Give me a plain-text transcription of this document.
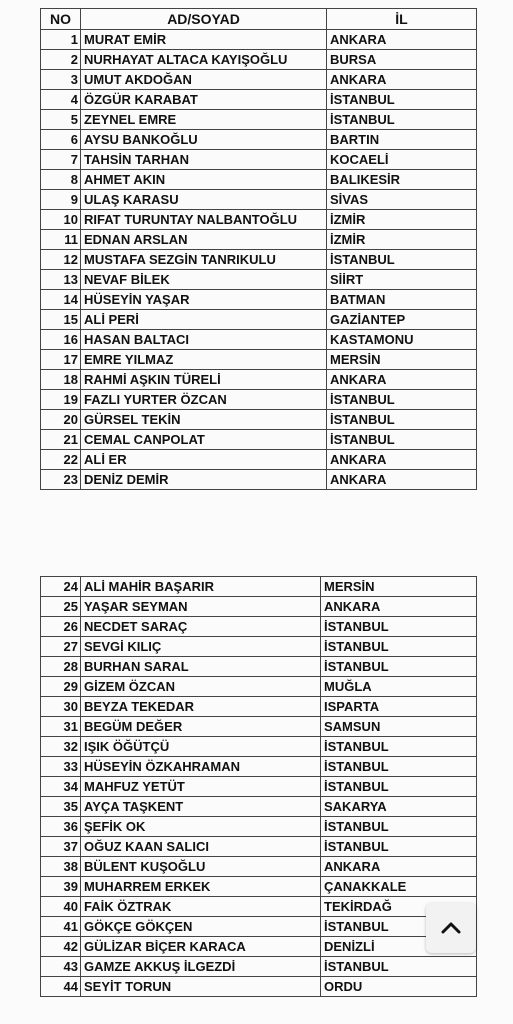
NO	AD/SOYAD	İL
1	MURAT EMİR	ANKARA
2	NURHAYAT ALTACA KAYIŞOĞLU	BURSA
3	UMUT AKDOĞAN	ANKARA
4	ÖZGÜR KARABAT	İSTANBUL
5	ZEYNEL EMRE	İSTANBUL
6	AYSU BANKOĞLU	BARTIN
7	TAHSİN TARHAN	KOCAELİ
8	AHMET AKIN	BALIKESİR
9	ULAŞ KARASU	SİVAS
10	RIFAT TURUNTAY NALBANTOĞLU	İZMİR
11	EDNAN ARSLAN	İZMİR
12	MUSTAFA SEZGİN TANRIKULU	İSTANBUL
13	NEVAF BİLEK	SİİRT
14	HÜSEYİN YAŞAR	BATMAN
15	ALİ PERİ	GAZİANTEP
16	HASAN BALTACI	KASTAMONU
17	EMRE YILMAZ	MERSİN
18	RAHMİ AŞKIN TÜRELİ	ANKARA
19	FAZLI YURTER ÖZCAN	İSTANBUL
20	GÜRSEL TEKİN	İSTANBUL
21	CEMAL CANPOLAT	İSTANBUL
22	ALİ ER	ANKARA
23	DENİZ DEMİR	ANKARA
24	ALİ MAHİR BAŞARIR	MERSİN
25	YAŞAR SEYMAN	ANKARA
26	NECDET SARAÇ	İSTANBUL
27	SEVGİ KILIÇ	İSTANBUL
28	BURHAN SARAL	İSTANBUL
29	GİZEM ÖZCAN	MUĞLA
30	BEYZA TEKEDAR	ISPARTA
31	BEGÜM DEĞER	SAMSUN
32	IŞIK ÖĞÜTÇÜ	İSTANBUL
33	HÜSEYİN ÖZKAHRAMAN	İSTANBUL
34	MAHFUZ YETÜT	İSTANBUL
35	AYÇA TAŞKENT	SAKARYA
36	ŞEFİK OK	İSTANBUL
37	OĞUZ KAAN SALICI	İSTANBUL
38	BÜLENT KUŞOĞLU	ANKARA
39	MUHARREM ERKEK	ÇANAKKALE
40	FAİK ÖZTRAK	TEKİRDAĞ
41	GÖKÇE GÖKÇEN	İSTANBUL
42	GÜLİZAR BİÇER KARACA	DENİZLİ
43	GAMZE AKKUŞ İLGEZDİ	İSTANBUL
44	SEYİT TORUN	ORDU
